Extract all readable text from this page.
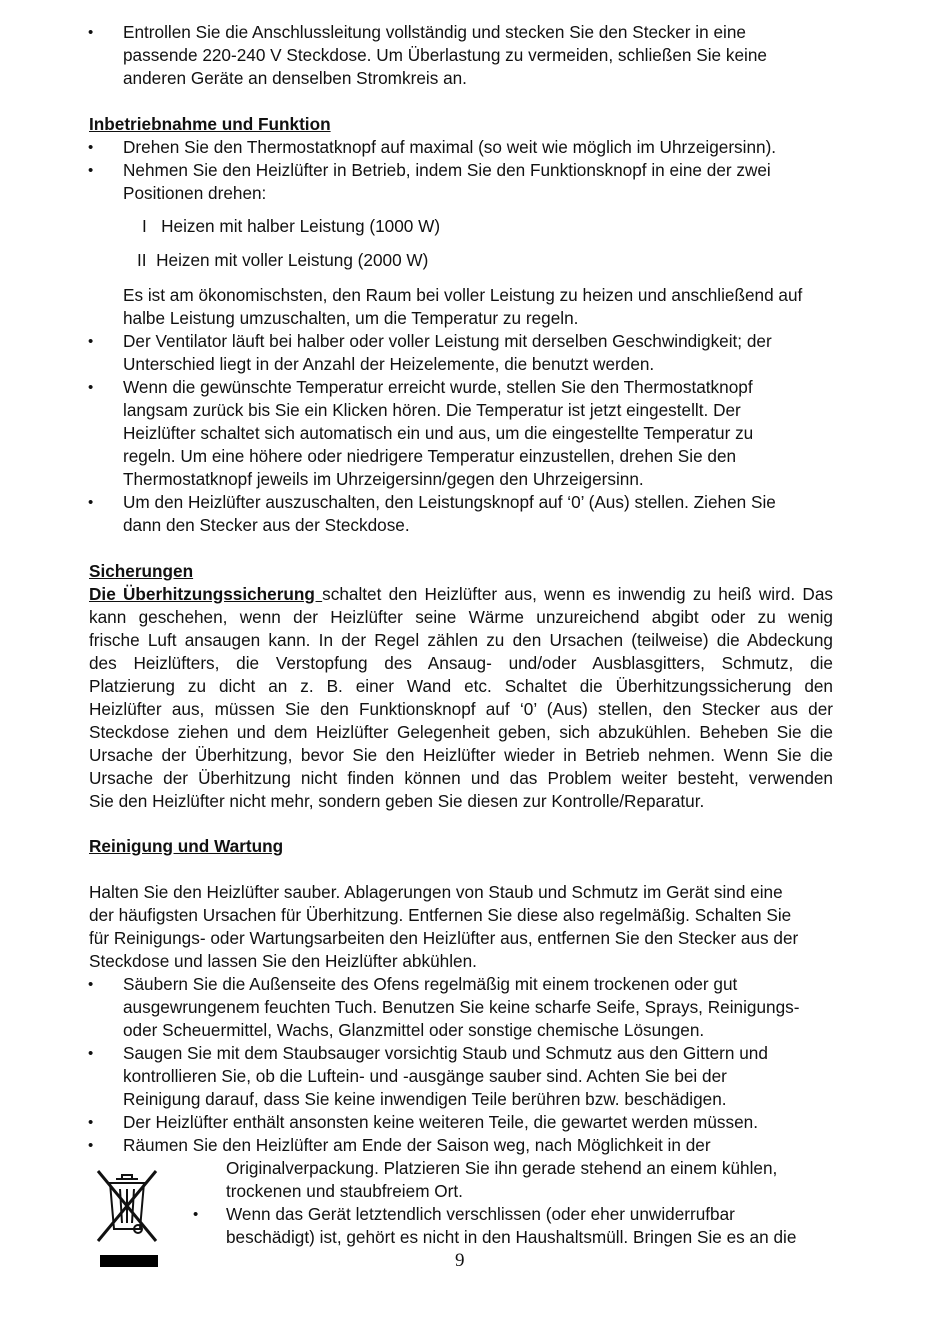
• Entrollen Sie die Anschlussleitung vollständig und stecken Sie den Stecker in eine
passende 220-240 V Steckdose. Um Überlastung zu vermeiden, schließen Sie keine
anderen Geräte an denselben Stromkreis an.
Inbetriebnahme und Funktion
• Drehen Sie den Thermostatknopf auf maximal (so weit wie möglich im Uhrzeigersinn).
• Nehmen Sie den Heizlüfter in Betrieb, indem Sie den Funktionsknopf in eine der zwei
Positionen drehen:
I   Heizen mit halber Leistung (1000 W)
II  Heizen mit voller Leistung (2000 W)
Es ist am ökonomischsten, den Raum bei voller Leistung zu heizen und anschließend auf
halbe Leistung umzuschalten, um die Temperatur zu regeln.
• Der Ventilator läuft bei halber oder voller Leistung mit derselben Geschwindigkeit; der
Unterschied liegt in der Anzahl der Heizelemente, die benutzt werden.
• Wenn die gewünschte Temperatur erreicht wurde, stellen Sie den Thermostatknopf
langsam zurück bis Sie ein Klicken hören. Die Temperatur ist jetzt eingestellt. Der
Heizlüfter schaltet sich automatisch ein und aus, um die eingestellte Temperatur zu
regeln. Um eine höhere oder niedrigere Temperatur einzustellen, drehen Sie den
Thermostatknopf jeweils im Uhrzeigersinn/gegen den Uhrzeigersinn.
• Um den Heizlüfter auszuschalten, den Leistungsknopf auf ‘0’ (Aus) stellen. Ziehen Sie
dann den Stecker aus der Steckdose.
Sicherungen
Die Überhitzungssicherung schaltet den Heizlüfter aus, wenn es inwendig zu heiß wird. Das
kann geschehen, wenn der Heizlüfter seine Wärme unzureichend abgibt oder zu wenig
frische Luft ansaugen kann. In der Regel zählen zu den Ursachen (teilweise) die Abdeckung
des Heizlüfters, die Verstopfung des Ansaug- und/oder Ausblasgitters, Schmutz, die
Platzierung zu dicht an z. B. einer Wand etc. Schaltet die Überhitzungssicherung den
Heizlüfter aus, müssen Sie den Funktionsknopf auf ‘0’ (Aus) stellen, den Stecker aus der
Steckdose ziehen und dem Heizlüfter Gelegenheit geben, sich abzukühlen. Beheben Sie die
Ursache der Überhitzung, bevor Sie den Heizlüfter wieder in Betrieb nehmen. Wenn Sie die
Ursache der Überhitzung nicht finden können und das Problem weiter besteht, verwenden
Sie den Heizlüfter nicht mehr, sondern geben Sie diesen zur Kontrolle/Reparatur.
Reinigung und Wartung
Halten Sie den Heizlüfter sauber. Ablagerungen von Staub und Schmutz im Gerät sind eine
der häufigsten Ursachen für Überhitzung. Entfernen Sie diese also regelmäßig. Schalten Sie
für Reinigungs- oder Wartungsarbeiten den Heizlüfter aus, entfernen Sie den Stecker aus der
Steckdose und lassen Sie den Heizlüfter abkühlen.
• Säubern Sie die Außenseite des Ofens regelmäßig mit einem trockenen oder gut
ausgewrungenem feuchten Tuch. Benutzen Sie keine scharfe Seife, Sprays, Reinigungs-
oder Scheuermittel, Wachs, Glanzmittel oder sonstige chemische Lösungen.
• Saugen Sie mit dem Staubsauger vorsichtig Staub und Schmutz aus den Gittern und
kontrollieren Sie, ob die Luftein- und -ausgänge sauber sind. Achten Sie bei der
Reinigung darauf, dass Sie keine inwendigen Teile berühren bzw. beschädigen.
• Der Heizlüfter enthält ansonsten keine weiteren Teile, die gewartet werden müssen.
• Räumen Sie den Heizlüfter am Ende der Saison weg, nach Möglichkeit in der
Originalverpackung. Platzieren Sie ihn gerade stehend an einem kühlen,
trockenen und staubfreiem Ort.
• Wenn das Gerät letztendlich verschlissen (oder eher unwiderrufbar
beschädigt) ist, gehört es nicht in den Haushaltsmüll. Bringen Sie es an die
9
